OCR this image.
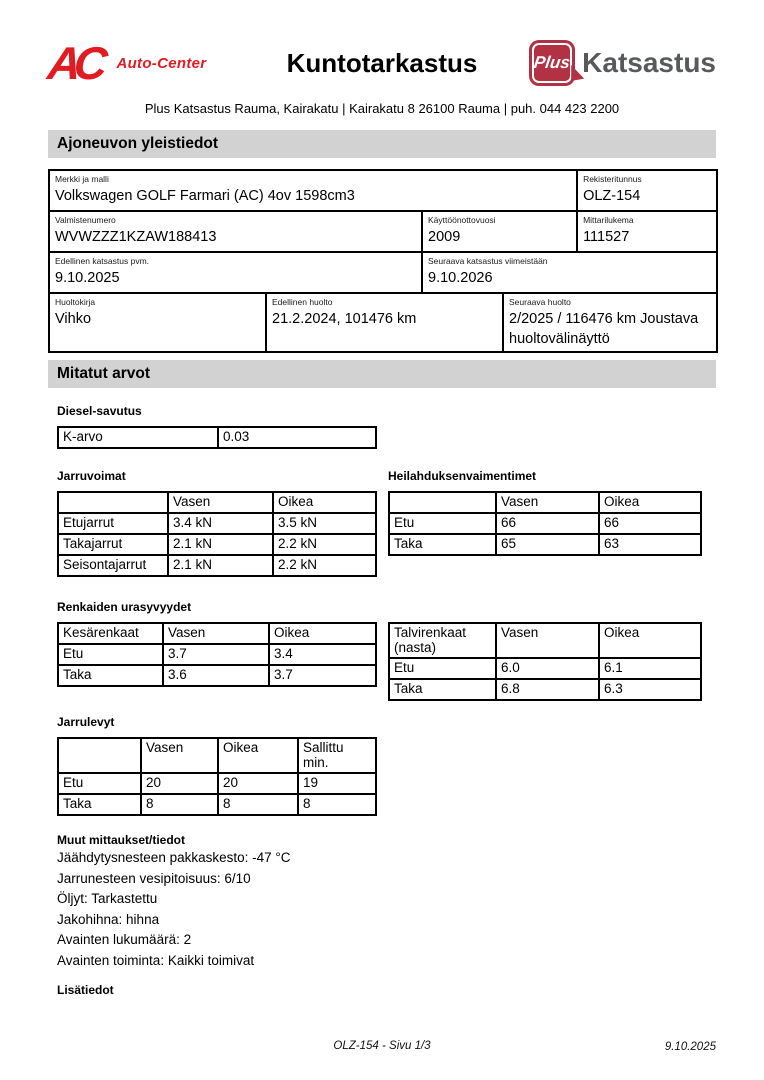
AC Auto-Center	Kuntotarkastus	Plus Katsastus
Plus Katsastus Rauma, Kairakatu | Kairakatu 8 26100 Rauma | puh. 044 423 2200
Ajoneuvon yleistiedot
Merkki ja malli
Volkswagen GOLF Farmari (AC) 4ov 1598cm3

Rekisteritunnus
OLZ-154

Valmistenumero
WVWZZZ1KZAW188413

Käyttöönottovuosi
2009

Mittarilukema
111527

Edellinen katsastus pvm.
9.10.2025

Seuraava katsastus viimeistään
9.10.2026

Huoltokirja
Vihko

Edellinen huolto
21.2.2024, 101476 km

Seuraava huolto
2/2025 / 116476 km Joustava huoltovälinäyttö
Mitatut arvot
Diesel-savutus
K-arvo	0.03
Jarruvoimat
	Vasen	Oikea
Etujarrut	3.4 kN	3.5 kN
Takajarrut	2.1 kN	2.2 kN
Seisontajarrut	2.1 kN	2.2 kN
Heilahduksenvaimentimet
	Vasen	Oikea
Etu	66	66
Taka	65	63
Renkaiden urasyvyydet
Kesärenkaat	Vasen	Oikea
Etu	3.7	3.4
Taka	3.6	3.7
Talvirenkaat (nasta)	Vasen	Oikea
Etu	6.0	6.1
Taka	6.8	6.3
Jarrulevyt
	Vasen	Oikea	Sallittu min.
Etu	20	20	19
Taka	8	8	8
Muut mittaukset/tiedot
Jäähdytysnesteen pakkaskesto: -47 °C
Jarrunesteen vesipitoisuus: 6/10
Öljyt: Tarkastettu
Jakohihna: hihna
Avainten lukumäärä: 2
Avainten toiminta: Kaikki toimivat
Lisätiedot
OLZ-154 - Sivu 1/3	9.10.2025
